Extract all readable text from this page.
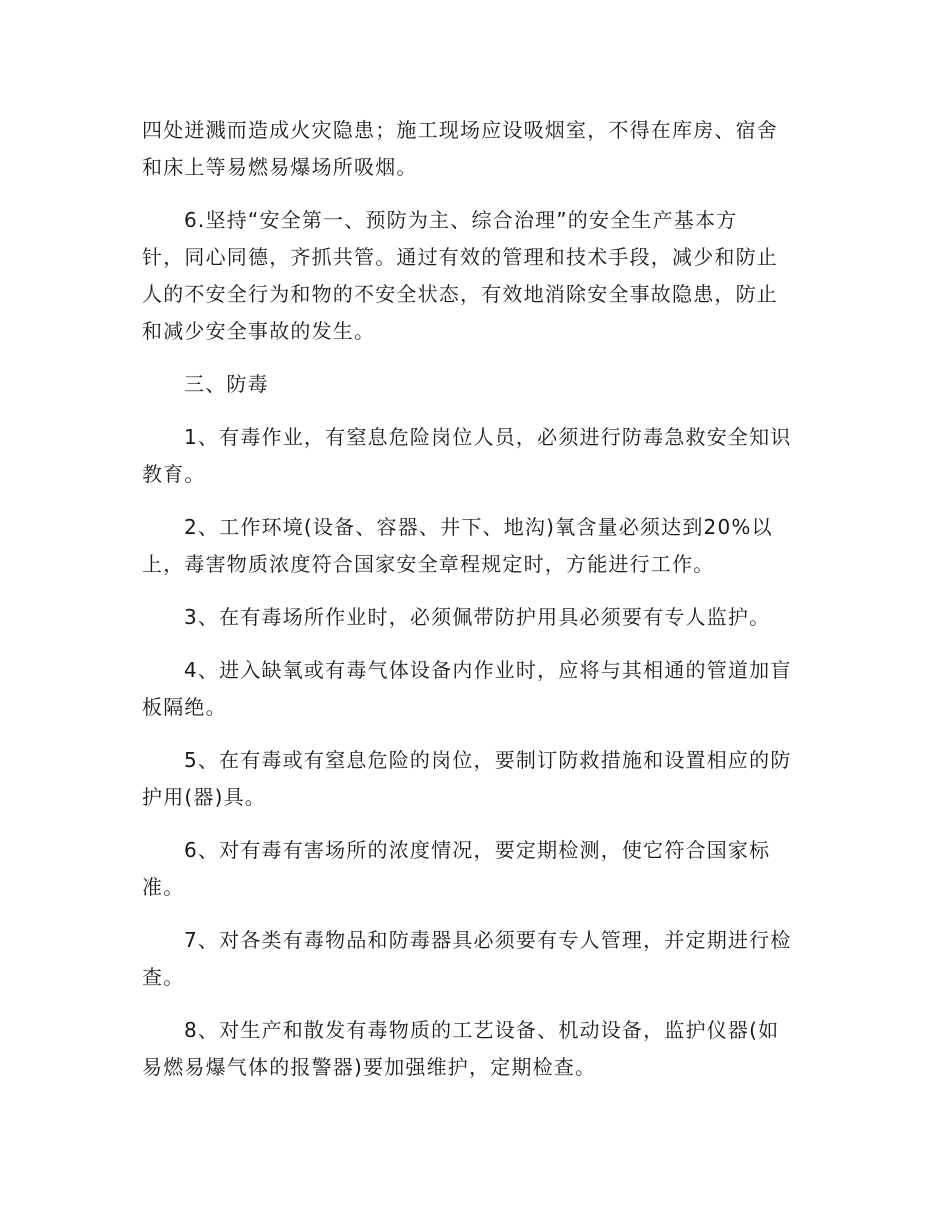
四处迸溅而造成火灾隐患；施工现场应设吸烟室，不得在库房、宿舍
和床上等易燃易爆场所吸烟。
6.坚持“安全第一、预防为主、综合治理”的安全生产基本方
针，同心同德，齐抓共管。通过有效的管理和技术手段，减少和防止
人的不安全行为和物的不安全状态，有效地消除安全事故隐患，防止
和减少安全事故的发生。
三、防毒
1、有毒作业，有窒息危险岗位人员，必须进行防毒急救安全知识
教育。
2、工作环境(设备、容器、井下、地沟)氧含量必须达到20%以
上，毒害物质浓度符合国家安全章程规定时，方能进行工作。
3、在有毒场所作业时，必须佩带防护用具必须要有专人监护。
4、进入缺氧或有毒气体设备内作业时，应将与其相通的管道加盲
板隔绝。
5、在有毒或有窒息危险的岗位，要制订防救措施和设置相应的防
护用(器)具。
6、对有毒有害场所的浓度情况，要定期检测，使它符合国家标
准。
7、对各类有毒物品和防毒器具必须要有专人管理，并定期进行检
查。
8、对生产和散发有毒物质的工艺设备、机动设备，监护仪器(如
易燃易爆气体的报警器)要加强维护，定期检查。
